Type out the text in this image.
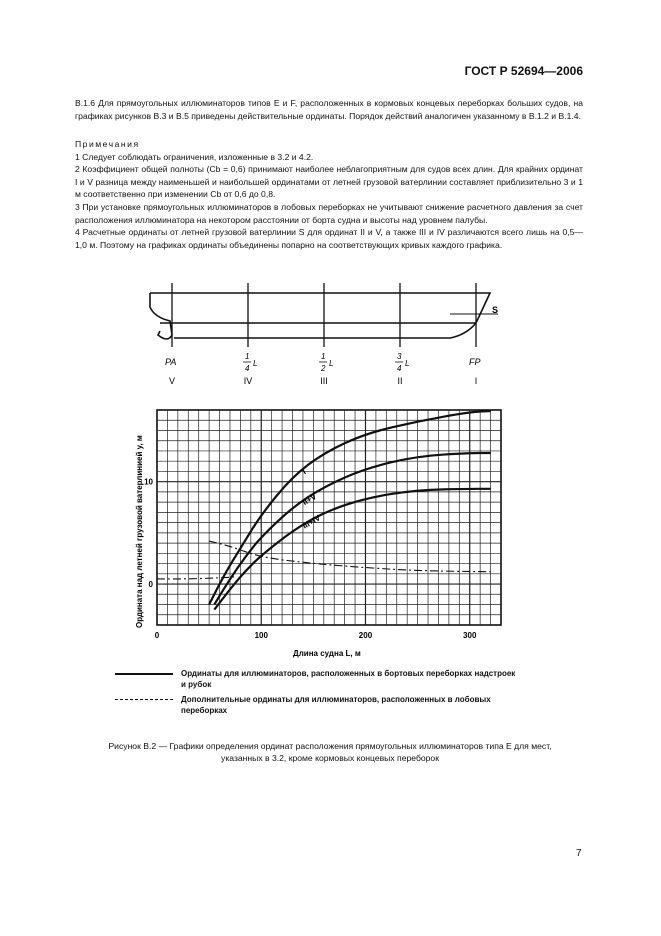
ГОСТ Р 52694—2006

В.1.6 Для прямоугольных иллюминаторов типов Е и F, расположенных в кормовых концевых переборках больших судов, на графиках рисунков В.3 и В.5 приведены действительные ординаты. Порядок действий аналогичен указанному в В.1.2 и В.1.4.

Примечания

1 Следует соблюдать ограничения, изложенные в 3.2 и 4.2.

2 Коэффициент общей полноты (Cb = 0,6) принимают наиболее неблагоприятным для судов всех длин. Для крайних ординат I и V разница между наименьшей и наибольшей ординатами от летней грузовой ватерлинии составляет приблизительно 3 и 1 м соответственно при изменении Cb от 0,6 до 0,8.

3 При установке прямоугольных иллюминаторов в лобовых переборках не учитывают снижение расчетного давления за счет расположения иллюминатора на некотором расстоянии от борта судна и высоты над уровнем палубы.

4 Расчетные ординаты от летней грузовой ватерлинии S для ординат II и V, а также III и IV различаются всего лишь на 0,5—1,0 м. Поэтому на графиках ординаты объединены попарно на соответствующих кривых каждого графика.

S
PA
V
1
4
L
IV
1
2
L
III
3
4
L
II
FP
I
0	100	200	300
0
10
I
II+V
III+IV
Ордината над летней грузовой ватерлинией y, м
Длина судна L, м
Ординаты для иллюминаторов, расположенных в бортовых переборках надстроек и рубок
Дополнительные ординаты для иллюминаторов, расположенных в лобовых переборках
Рисунок В.2 — Графики определения ординат расположения прямоугольных иллюминаторов типа Е для мест,
указанных в 3.2, кроме кормовых концевых переборок
7
